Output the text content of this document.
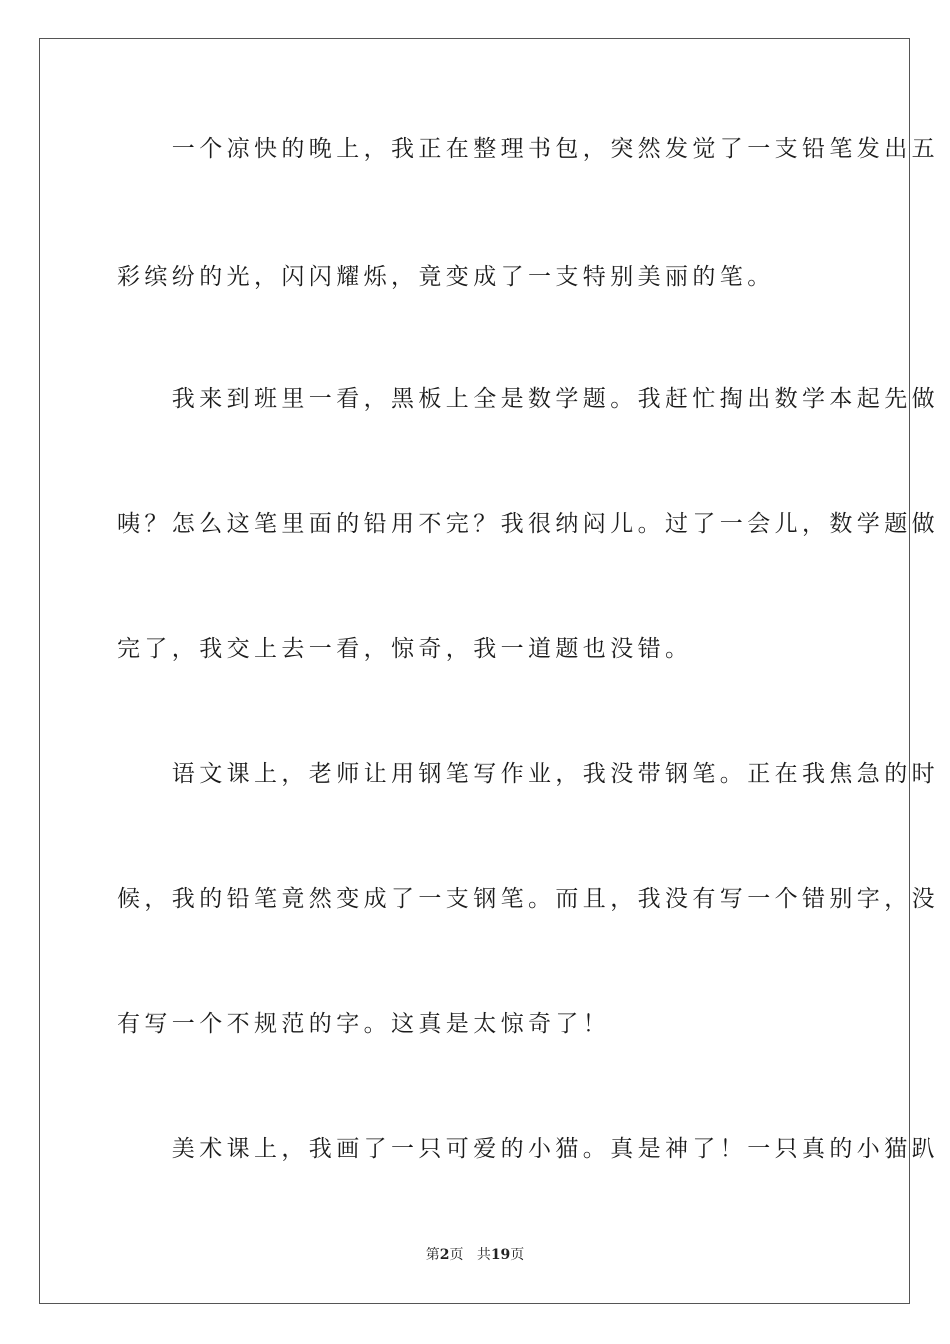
　　一个凉快的晚上，我正在整理书包，突然发觉了一支铅笔发出五
彩缤纷的光，闪闪耀烁，竟变成了一支特别美丽的笔。
　　我来到班里一看，黑板上全是数学题。我赶忙掏出数学本起先做
咦？怎么这笔里面的铅用不完？我很纳闷儿。过了一会儿，数学题做
完了，我交上去一看，惊奇，我一道题也没错。
　　语文课上，老师让用钢笔写作业，我没带钢笔。正在我焦急的时
候，我的铅笔竟然变成了一支钢笔。而且，我没有写一个错别字，没
有写一个不规范的字。这真是太惊奇了！
　　美术课上，我画了一只可爱的小猫。真是神了！一只真的小猫趴
第2页 共19页
